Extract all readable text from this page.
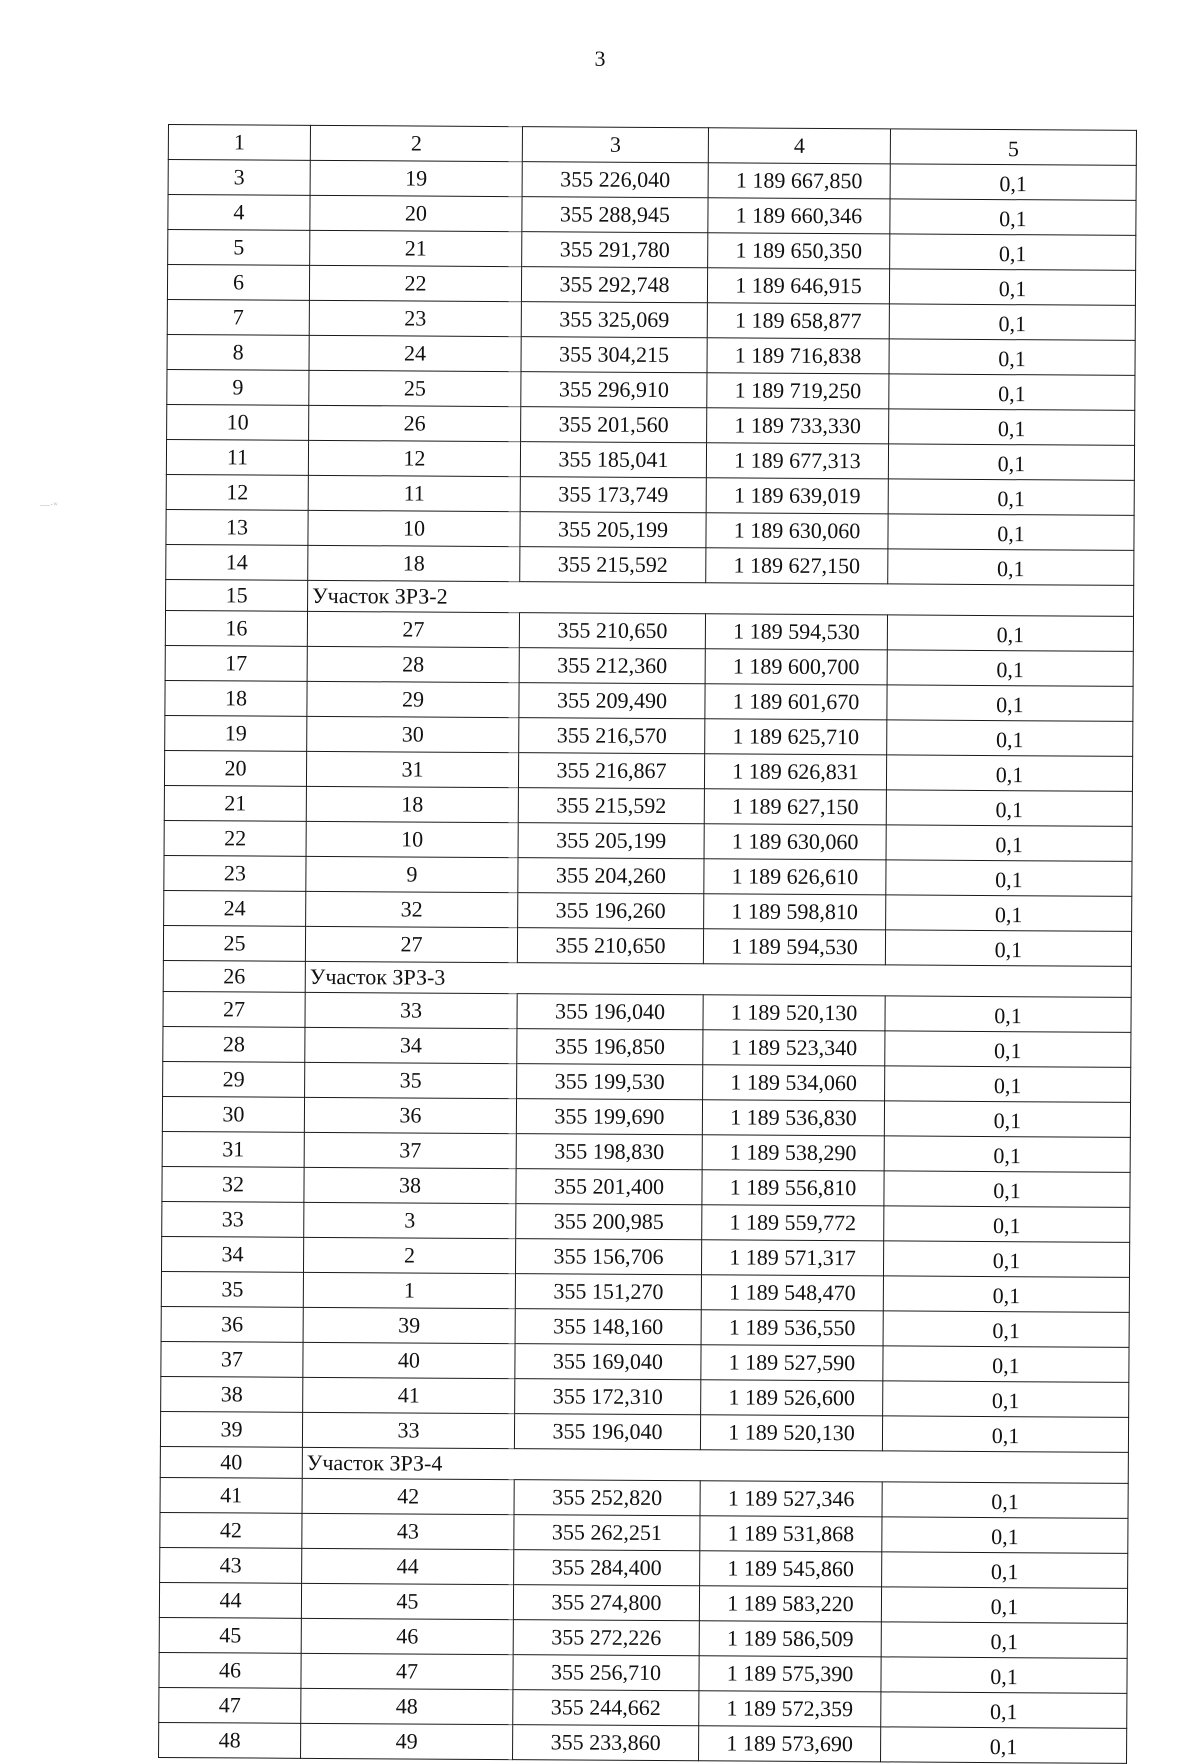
3
—·ʷ
1	2	3	4	5
3	19	355 226,040	1 189 667,850	0,1
4	20	355 288,945	1 189 660,346	0,1
5	21	355 291,780	1 189 650,350	0,1
6	22	355 292,748	1 189 646,915	0,1
7	23	355 325,069	1 189 658,877	0,1
8	24	355 304,215	1 189 716,838	0,1
9	25	355 296,910	1 189 719,250	0,1
10	26	355 201,560	1 189 733,330	0,1
11	12	355 185,041	1 189 677,313	0,1
12	11	355 173,749	1 189 639,019	0,1
13	10	355 205,199	1 189 630,060	0,1
14	18	355 215,592	1 189 627,150	0,1
15	Участок ЗРЗ-2			
16	27	355 210,650	1 189 594,530	0,1
17	28	355 212,360	1 189 600,700	0,1
18	29	355 209,490	1 189 601,670	0,1
19	30	355 216,570	1 189 625,710	0,1
20	31	355 216,867	1 189 626,831	0,1
21	18	355 215,592	1 189 627,150	0,1
22	10	355 205,199	1 189 630,060	0,1
23	9	355 204,260	1 189 626,610	0,1
24	32	355 196,260	1 189 598,810	0,1
25	27	355 210,650	1 189 594,530	0,1
26	Участок ЗРЗ-3			
27	33	355 196,040	1 189 520,130	0,1
28	34	355 196,850	1 189 523,340	0,1
29	35	355 199,530	1 189 534,060	0,1
30	36	355 199,690	1 189 536,830	0,1
31	37	355 198,830	1 189 538,290	0,1
32	38	355 201,400	1 189 556,810	0,1
33	3	355 200,985	1 189 559,772	0,1
34	2	355 156,706	1 189 571,317	0,1
35	1	355 151,270	1 189 548,470	0,1
36	39	355 148,160	1 189 536,550	0,1
37	40	355 169,040	1 189 527,590	0,1
38	41	355 172,310	1 189 526,600	0,1
39	33	355 196,040	1 189 520,130	0,1
40	Участок ЗРЗ-4			
41	42	355 252,820	1 189 527,346	0,1
42	43	355 262,251	1 189 531,868	0,1
43	44	355 284,400	1 189 545,860	0,1
44	45	355 274,800	1 189 583,220	0,1
45	46	355 272,226	1 189 586,509	0,1
46	47	355 256,710	1 189 575,390	0,1
47	48	355 244,662	1 189 572,359	0,1
48	49	355 233,860	1 189 573,690	0,1
